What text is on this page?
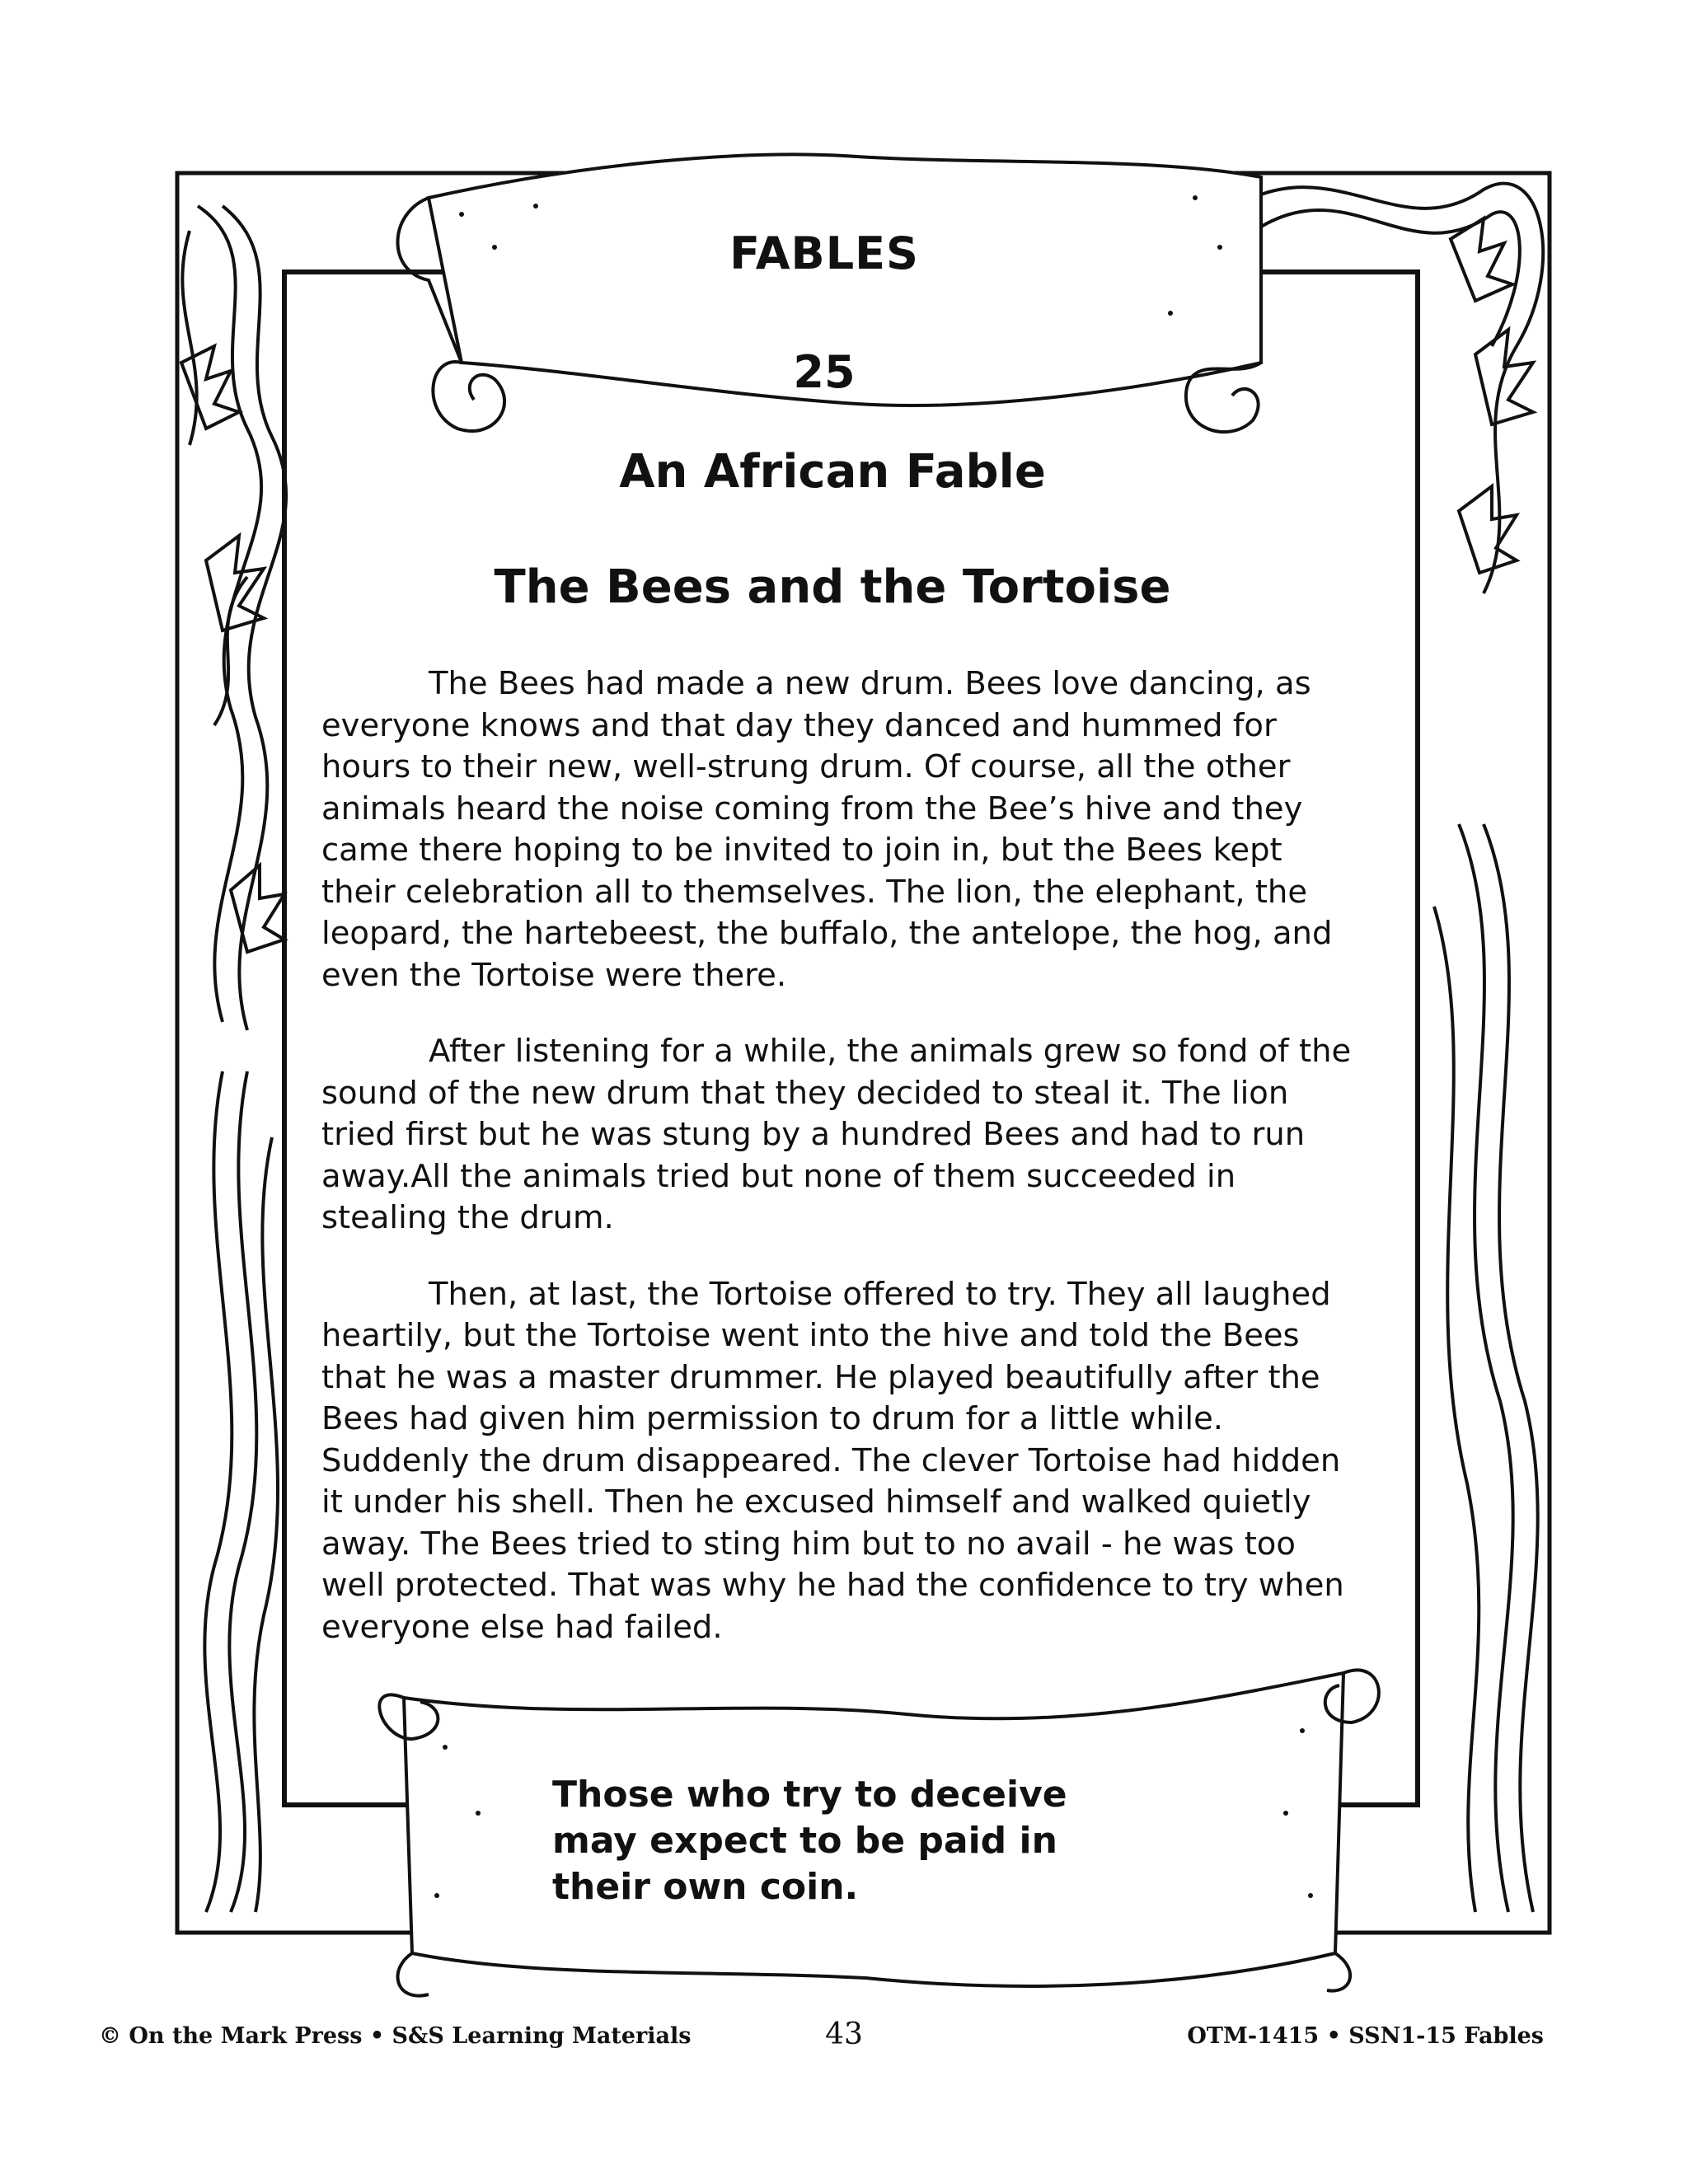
FABLES
25
An African Fable
The Bees and the Tortoise

The Bees had made a new drum. Bees love dancing, as everyone knows and that day they danced and hummed for hours to their new, well-strung drum. Of course, all the other animals heard the noise coming from the Bee’s hive and they came there hoping to be invited to join in, but the Bees kept their celebration all to themselves. The lion, the elephant, the leopard, the hartebeest, the buffalo, the antelope, the hog, and even the Tortoise were there.

After listening for a while, the animals grew so fond of the sound of the new drum that they decided to steal it. The lion tried first but he was stung by a hundred Bees and had to run away.All the animals tried but none of them succeeded in stealing the drum.

Then, at last, the Tortoise offered to try. They all laughed heartily, but the Tortoise went into the hive and told the Bees that he was a master drummer. He played beautifully after the Bees had given him permission to drum for a little while. Suddenly the drum disappeared. The clever Tortoise had hidden it under his shell. Then he excused himself and walked quietly away. The Bees tried to sting him but to no avail - he was too well protected. That was why he had the confidence to try when everyone else had failed.

Those who try to deceive may expect to be paid in their own coin.
© On the Mark Press • S&S Learning Materials	43	OTM-1415 • SSN1-15 Fables
